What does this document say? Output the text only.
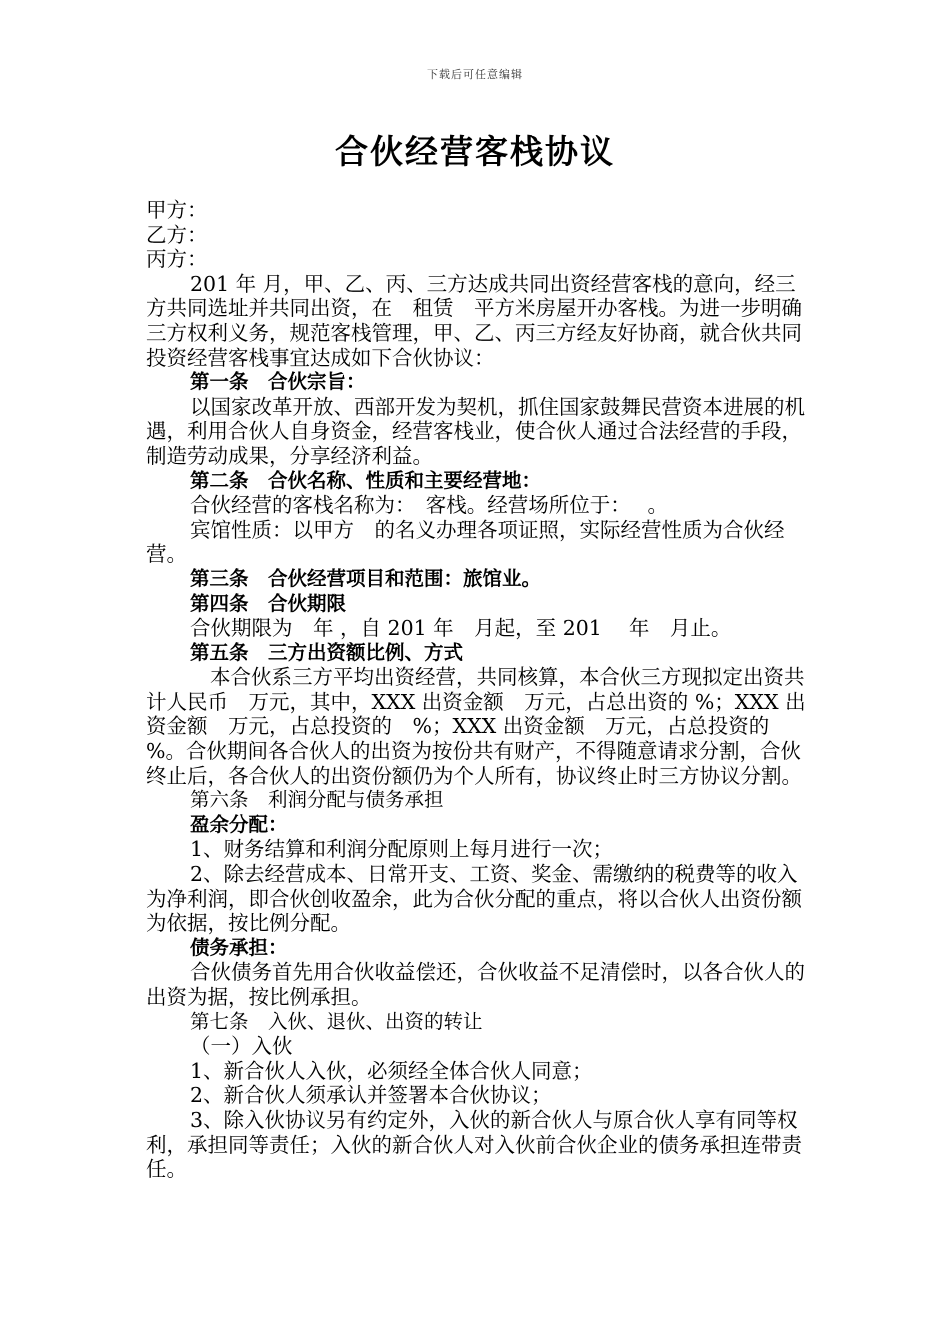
下载后可任意编辑
合伙经营客栈协议

甲方：

乙方：

丙方：

201 年 月，甲、乙、丙、三方达成共同出资经营客栈的意向，经三方共同选址并共同出资，在　租赁　平方米房屋开办客栈。为进一步明确三方权利义务，规范客栈管理，甲、乙、丙三方经友好协商，就合伙共同投资经营客栈事宜达成如下合伙协议：

第一条　合伙宗旨：

以国家改革开放、西部开发为契机，抓住国家鼓舞民营资本进展的机遇，利用合伙人自身资金，经营客栈业，使合伙人通过合法经营的手段，制造劳动成果，分享经济利益。

第二条　合伙名称、性质和主要经营地：

合伙经营的客栈名称为：　客栈。经营场所位于：　 。

宾馆性质：以甲方　的名义办理各项证照，实际经营性质为合伙经营。

第三条　合伙经营项目和范围：旅馆业。

第四条　合伙期限

合伙期限为　年 ，自 201 年　月起，至 201　 年　月止。

第五条　三方出资额比例、方式

本合伙系三方平均出资经营，共同核算，本合伙三方现拟定出资共计人民币　万元，其中，XXX 出资金额　万元，占总出资的 %；XXX 出资金额　万元，占总投资的　%；XXX 出资金额　万元，占总投资的 %。合伙期间各合伙人的出资为按份共有财产，不得随意请求分割，合伙终止后，各合伙人的出资份额仍为个人所有，协议终止时三方协议分割。

第六条　利润分配与债务承担

盈余分配：

1、财务结算和利润分配原则上每月进行一次；

2、除去经营成本、日常开支、工资、奖金、需缴纳的税费等的收入为净利润，即合伙创收盈余，此为合伙分配的重点，将以合伙人出资份额为依据，按比例分配。

债务承担：

合伙债务首先用合伙收益偿还，合伙收益不足清偿时，以各合伙人的出资为据，按比例承担。

第七条　入伙、退伙、出资的转让

（一）入伙

1、新合伙人入伙，必须经全体合伙人同意；

2、新合伙人须承认并签署本合伙协议；

3、除入伙协议另有约定外，入伙的新合伙人与原合伙人享有同等权利，承担同等责任；入伙的新合伙人对入伙前合伙企业的债务承担连带责任。
